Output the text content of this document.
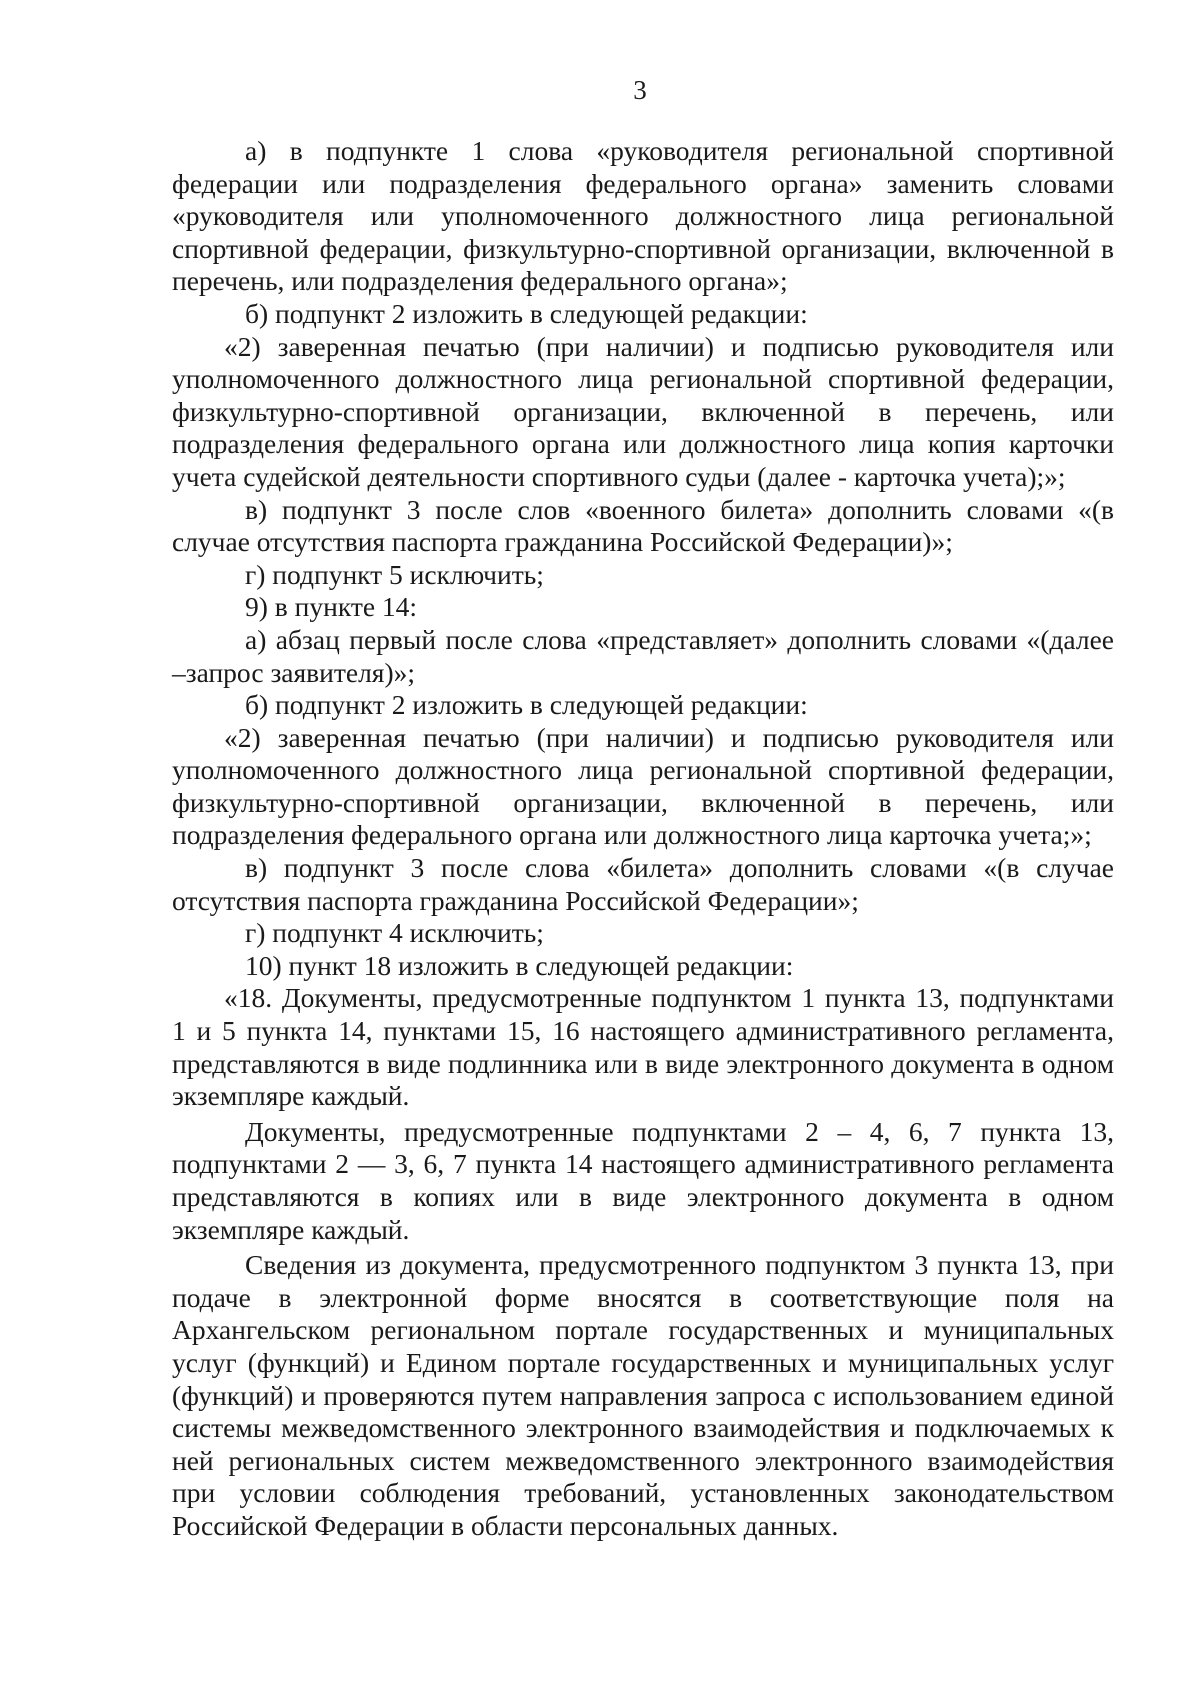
3

а) в подпункте 1 слова «руководителя региональной спортивной федерации или подразделения федерального органа» заменить словами «руководителя или уполномоченного должностного лица региональной спортивной федерации, физкультурно-спортивной организации, включенной в перечень, или подразделения федерального органа»;

б) подпункт 2 изложить в следующей редакции:

«2) заверенная печатью (при наличии) и подписью руководителя или уполномоченного должностного лица региональной спортивной федерации, физкультурно-спортивной организации, включенной в перечень, или подразделения федерального органа или должностного лица копия карточки учета судейской деятельности спортивного судьи (далее - карточка учета);»;

в) подпункт 3 после слов «военного билета» дополнить словами «(в случае отсутствия паспорта гражданина Российской Федерации)»;

г) подпункт 5 исключить;

9) в пункте 14:

а) абзац первый после слова «представляет» дополнить словами «(далее –запрос заявителя)»;

б) подпункт 2 изложить в следующей редакции:

«2) заверенная печатью (при наличии) и подписью руководителя или уполномоченного должностного лица региональной спортивной федерации, физкультурно-спортивной организации, включенной в перечень, или подразделения федерального органа или должностного лица карточка учета;»;

в) подпункт 3 после слова «билета» дополнить словами «(в случае отсутствия паспорта гражданина Российской Федерации»;

г) подпункт 4 исключить;

10) пункт 18 изложить в следующей редакции:

«18. Документы, предусмотренные подпунктом 1 пункта 13, подпунктами 1 и 5 пункта 14, пунктами 15, 16 настоящего административного регламента, представляются в виде подлинника или в виде электронного документа в одном экземпляре каждый.

Документы, предусмотренные подпунктами 2 – 4, 6, 7 пункта 13, подпунктами 2 — 3, 6, 7 пункта 14 настоящего административного регламента представляются в копиях или в виде электронного документа в одном экземпляре каждый.

Сведения из документа, предусмотренного подпунктом 3 пункта 13, при подаче в электронной форме вносятся в соответствующие поля на Архангельском региональном портале государственных и муниципальных услуг (функций) и Едином портале государственных и муниципальных услуг (функций) и проверяются путем направления запроса с использованием единой системы межведомственного электронного взаимодействия и подключаемых к ней региональных систем межведомственного электронного взаимодействия при условии соблюдения требований, установленных законодательством Российской Федерации в области персональных данных.
